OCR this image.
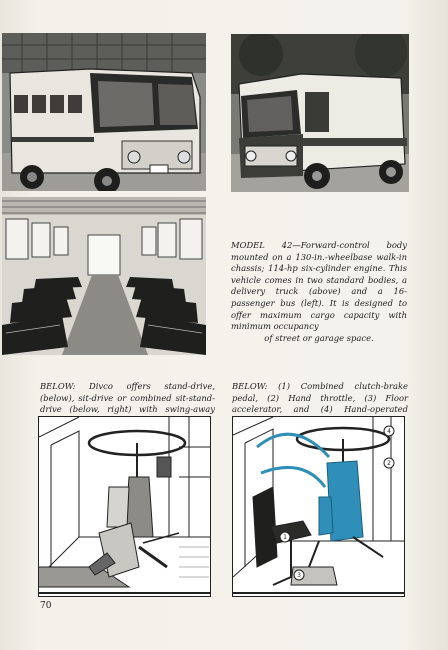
MODEL 42—Forward-control body mounted on a 130-in.-wheelbase walk-in chassis; 114-hp six-cylinder engine. This vehicle comes in two standard bodies, a delivery truck (above) and a 16-passenger bus (left). It is designed to offer maximum cargo capacity with minimum occupancy
of street or garage space.
BELOW: Divco offers stand-drive, (below), sit-drive or combined sit-stand-drive (below, right) with swing-away
BELOW: (1) Combined clutch-brake pedal, (2) Hand throttle, (3) Floor accelerator, and (4) Hand-operated
4
2
1
3
70
